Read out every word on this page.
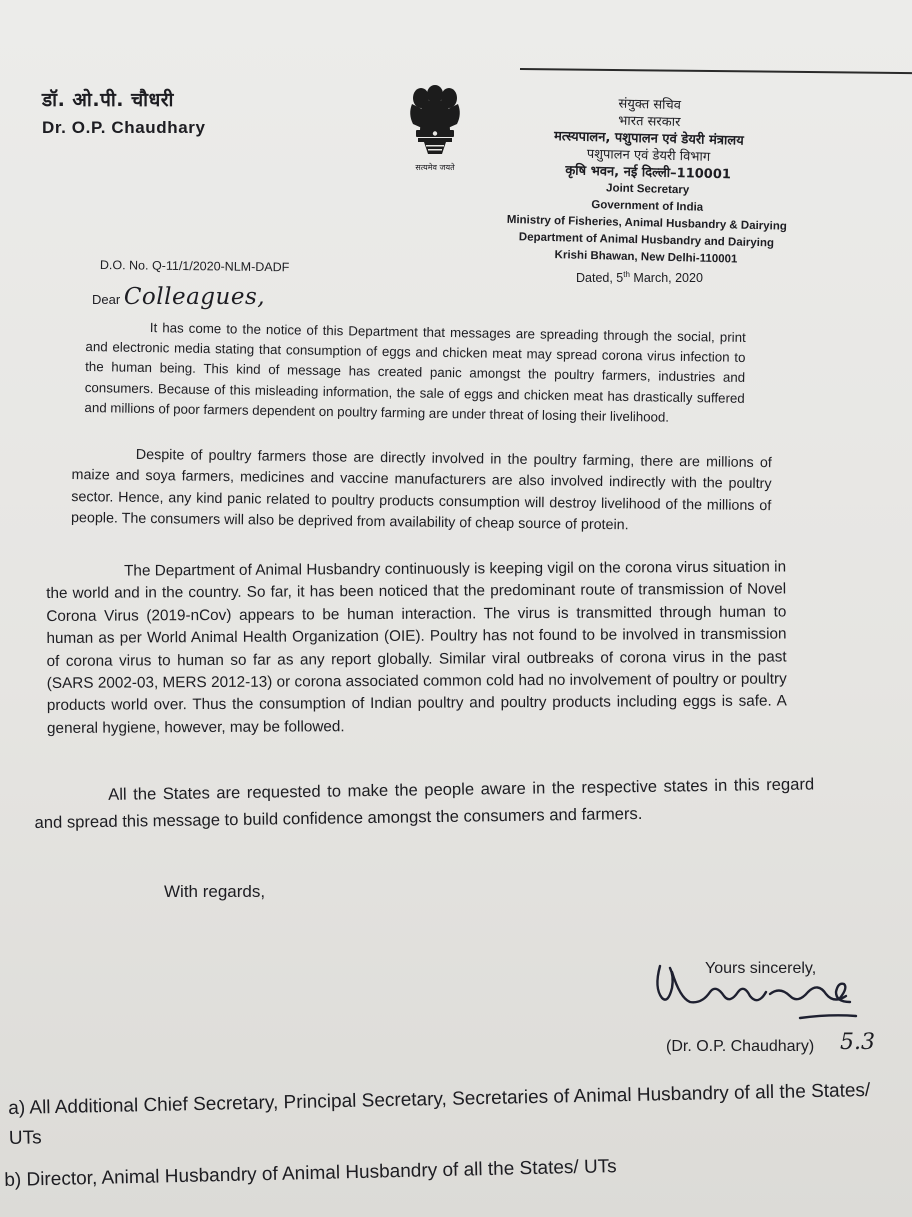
डॉ. ओ.पी. चौधरी
Dr. O.P. Chaudhary
सत्यमेव जयते
संयुक्त सचिव
भारत सरकार
मत्स्यपालन, पशुपालन एवं डेयरी मंत्रालय
पशुपालन एवं डेयरी विभाग
कृषि भवन, नई दिल्ली–110001
Joint Secretary
Government of India
Ministry of Fisheries, Animal Husbandry & Dairying
Department of Animal Husbandry and Dairying
Krishi Bhawan, New Delhi-110001
D.O. No. Q-11/1/2020-NLM-DADF
Dated, 5th March, 2020
Dear Colleagues,
It has come to the notice of this Department that messages are spreading through the social, print and electronic media stating that consumption of eggs and chicken meat may spread corona virus infection to the human being. This kind of message has created panic amongst the poultry farmers, industries and consumers. Because of this misleading information, the sale of eggs and chicken meat has drastically suffered and millions of poor farmers dependent on poultry farming are under threat of losing their livelihood.
Despite of poultry farmers those are directly involved in the poultry farming, there are millions of maize and soya farmers, medicines and vaccine manufacturers are also involved indirectly with the poultry sector. Hence, any kind panic related to poultry products consumption will destroy livelihood of the millions of people. The consumers will also be deprived from availability of cheap source of protein.
The Department of Animal Husbandry continuously is keeping vigil on the corona virus situation in the world and in the country. So far, it has been noticed that the predominant route of transmission of Novel Corona Virus (2019-nCov) appears to be human interaction. The virus is transmitted through human to human as per World Animal Health Organization (OIE). Poultry has not found to be involved in transmission of corona virus to human so far as any report globally. Similar viral outbreaks of corona virus in the past (SARS 2002-03, MERS 2012-13) or corona associated common cold had no involvement of poultry or poultry products world over. Thus the consumption of Indian poultry and poultry products including eggs is safe. A general hygiene, however, may be followed.
All the States are requested to make the people aware in the respective states in this regard and spread this message to build confidence amongst the consumers and farmers.
With regards,
Yours sincerely,
(Dr. O.P. Chaudhary) 5.3
a) All Additional Chief Secretary, Principal Secretary, Secretaries of Animal Husbandry of all the States/ UTs
b) Director, Animal Husbandry of Animal Husbandry of all the States/ UTs
